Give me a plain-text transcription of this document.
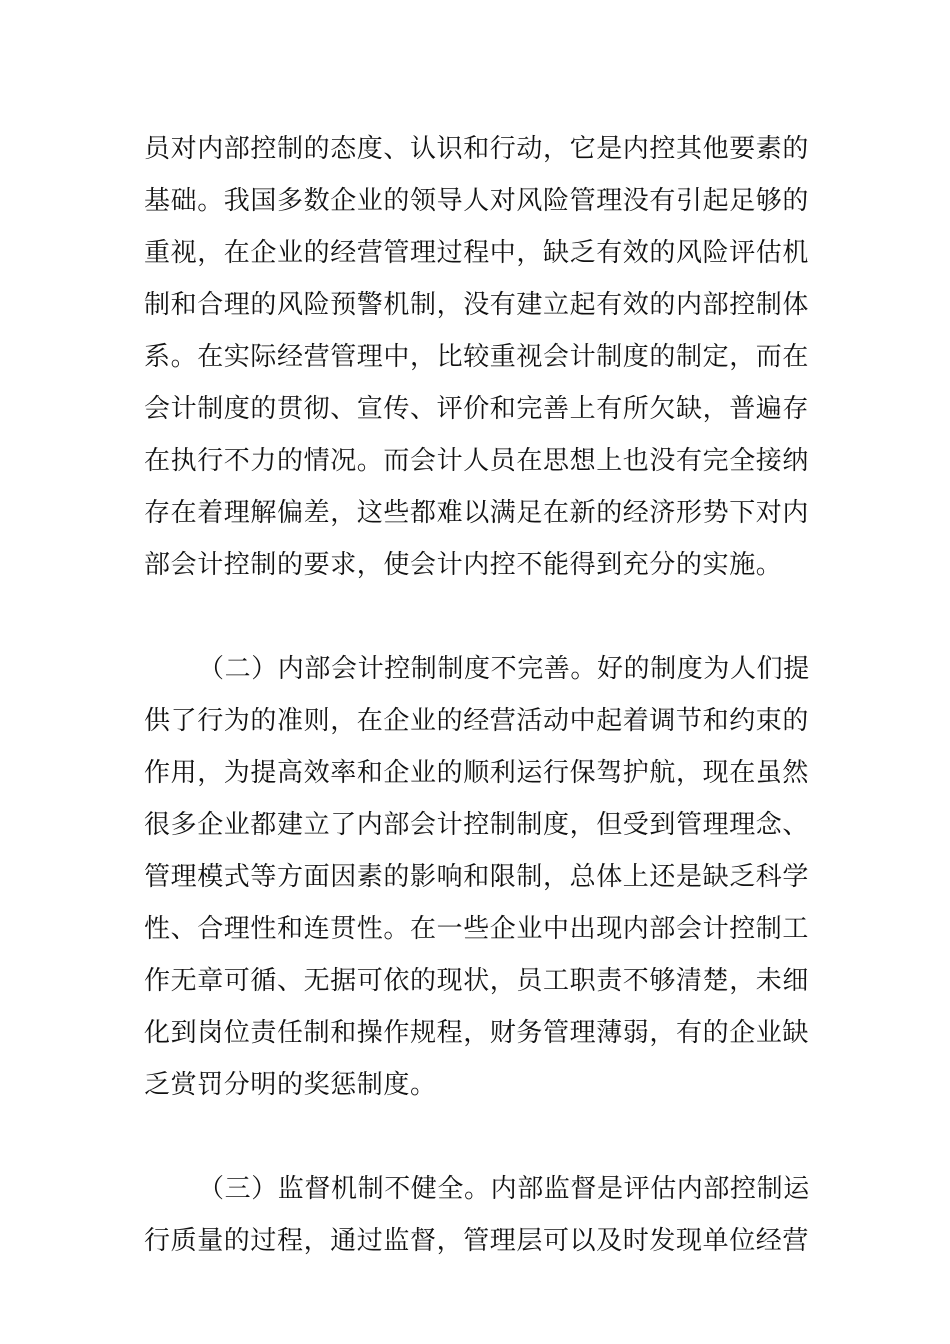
员对内部控制的态度、认识和行动，它是内控其他要素的
基础。我国多数企业的领导人对风险管理没有引起足够的
重视，在企业的经营管理过程中，缺乏有效的风险评估机
制和合理的风险预警机制，没有建立起有效的内部控制体
系。在实际经营管理中，比较重视会计制度的制定，而在
会计制度的贯彻、宣传、评价和完善上有所欠缺，普遍存
在执行不力的情况。而会计人员在思想上也没有完全接纳
存在着理解偏差，这些都难以满足在新的经济形势下对内
部会计控制的要求，使会计内控不能得到充分的实施。
（二）内部会计控制制度不完善。好的制度为人们提
供了行为的准则，在企业的经营活动中起着调节和约束的
作用，为提高效率和企业的顺利运行保驾护航，现在虽然
很多企业都建立了内部会计控制制度，但受到管理理念、
管理模式等方面因素的影响和限制，总体上还是缺乏科学
性、合理性和连贯性。在一些企业中出现内部会计控制工
作无章可循、无据可依的现状，员工职责不够清楚，未细
化到岗位责任制和操作规程，财务管理薄弱，有的企业缺
乏赏罚分明的奖惩制度。
（三）监督机制不健全。内部监督是评估内部控制运
行质量的过程，通过监督，管理层可以及时发现单位经营
